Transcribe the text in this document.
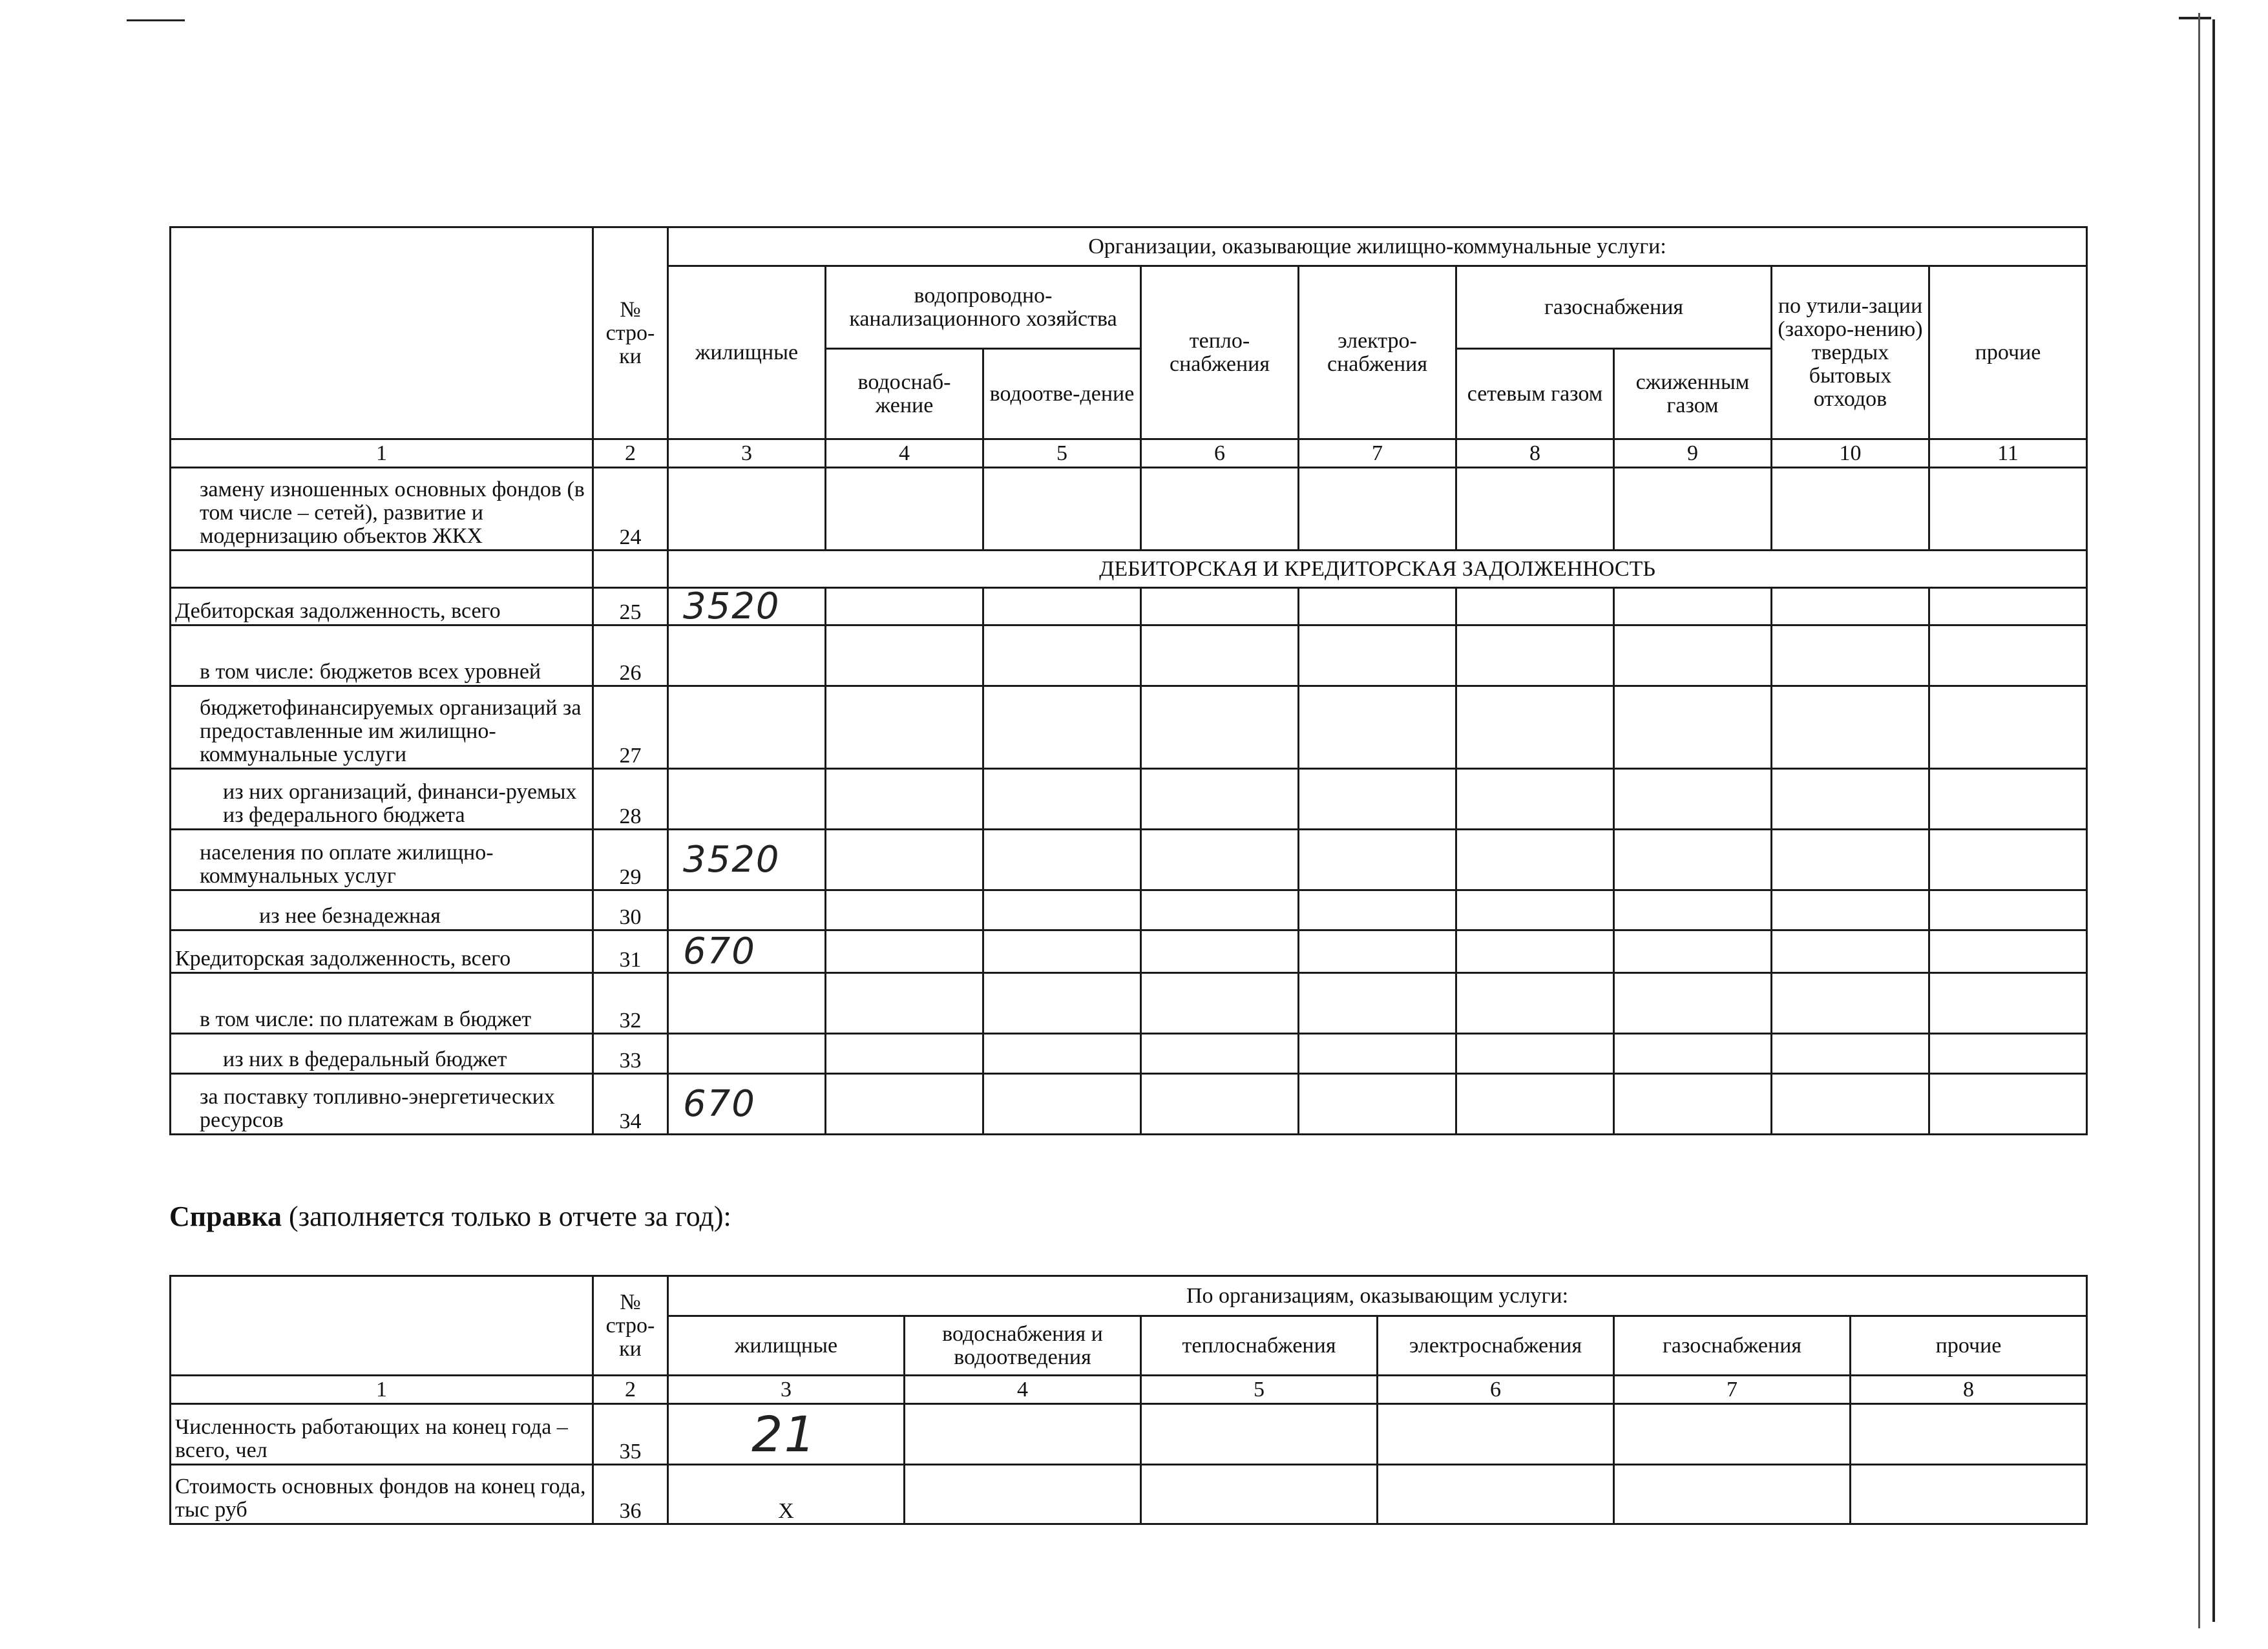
	№ стро-ки	Организации, оказывающие жилищно-коммунальные услуги:								
		жилищные	водопроводно-канализационного хозяйства		тепло-снабжения	электро-снабжения	газоснабжения		по утили-зации (захоро-нению) твердых бытовых отходов	прочие
			водоснаб-жение	водоотве-дение			сетевым газом	сжиженным газом		
1	2	3	4	5	6	7	8	9	10	11
замену изношенных основных фондов (в том числе – сетей), развитие и модернизацию объектов ЖКХ	24									
		ДЕБИТОРСКАЯ И КРЕДИТОРСКАЯ ЗАДОЛЖЕННОСТЬ								
Дебиторская задолженность, всего	25	3520								
в том числе: бюджетов всех уровней	26									
бюджетофинансируемых организаций за предоставленные им жилищно-коммунальные услуги	27									
из них организаций, финанси-руемых из федерального бюджета	28									
населения по оплате жилищно-коммунальных услуг	29	3520								
из нее безнадежная	30									
Кредиторская задолженность, всего	31	670								
в том числе: по платежам в бюджет	32									
из них в федеральный бюджет	33									
за поставку топливно-энергетических ресурсов	34	670								
Справка (заполняется только в отчете за год):
	№ стро-ки	По организациям, оказывающим услуги:					
		жилищные	водоснабжения и водоотведения	теплоснабжения	электроснабжения	газоснабжения	прочие
1	2	3	4	5	6	7	8
Численность работающих на конец года – всего, чел	35	21					
Стоимость основных фондов на конец года, тыс руб	36	Х					
